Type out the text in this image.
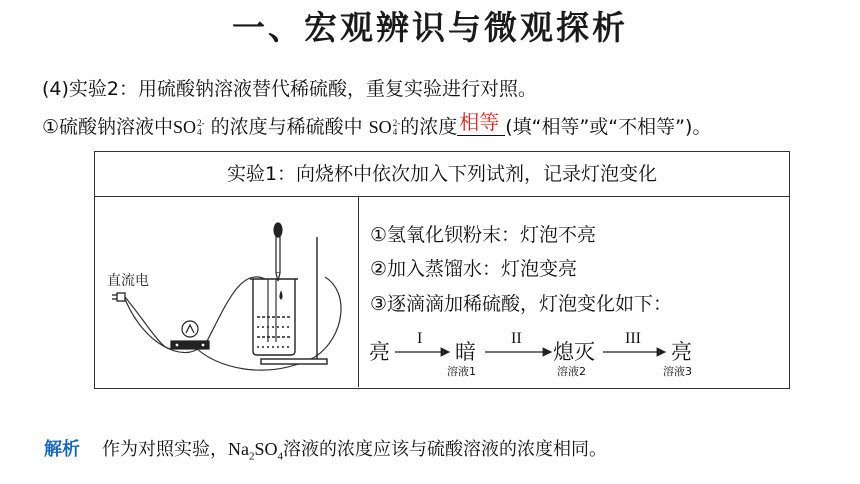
一、宏观辨识与微观探析
(4)实验2：用硫酸钠溶液替代稀硫酸，重复实验进行对照。
①硫酸钠溶液中SO 2-
4 的浓度与稀硫酸中 SO 2-
4 的浓度 相等 (填“相等”或“不相等”)。
实验1：向烧杯中依次加入下列试剂，记录灯泡变化
直流电
①氢氧化钡粉末：灯泡不亮
②加入蒸馏水：灯泡变亮
③逐滴滴加稀硫酸，灯泡变化如下：
亮
I
暗
溶液1
II
熄灭
溶液2
III
亮
溶液3
解析 作为对照实验，$Na_2SO_4$溶液的浓度应该与硫酸溶液的浓度相同。
